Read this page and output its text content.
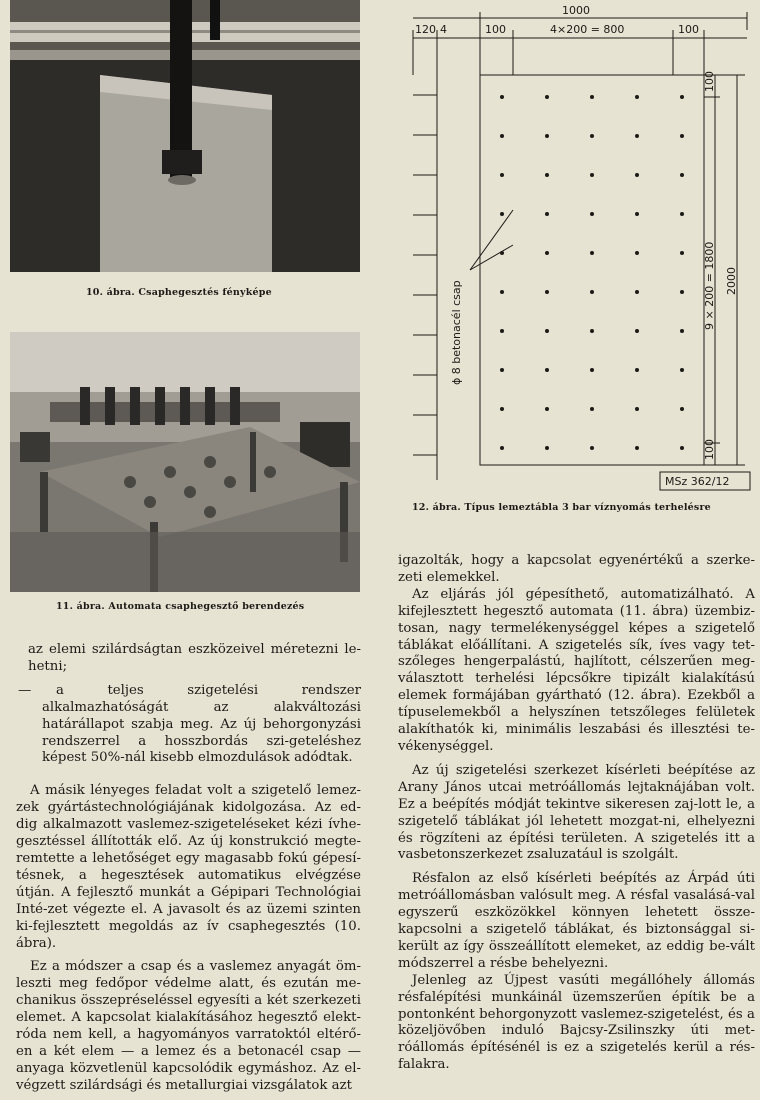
10. ábra. Csaphegesztés fényképe
11. ábra. Automata csaphegesztő berendezés
1000
120 4	100	4×200 = 800	100
100
9 × 200 = 1800 2000
100
ϕ 8 betonacél csap
MSz 362/12
12. ábra. Típus lemeztábla 3 bar víznyomás terhelésre

az elemi szilárdságtan eszközeivel méretezni le-hetni;

— a teljes szigetelési rendszer alkalmazhatóságát az alakváltozási határállapot szabja meg. Az új behorgonyzási rendszerrel a hosszbordás szi-geteléshez képest 50%-nál kisebb elmozdulások adódtak.

A másik lényeges feladat volt a szigetelő lemez-zek gyártástechnológiájának kidolgozása. Az ed-dig alkalmazott vaslemez-szigeteléseket kézi ívhe-gesztéssel állították elő. Az új konstrukció megte-remtette a lehetőséget egy magasabb fokú gépesí-tésnek, a hegesztések automatikus elvégzése útján. A fejlesztő munkát a Gépipari Technológiai Inté-zet végezte el. A javasolt és az üzemi szinten ki-fejlesztett megoldás az ív csaphegesztés (10. ábra).

Ez a módszer a csap és a vaslemez anyagát öm-leszti meg fedőpor védelme alatt, és ezután me-chanikus összepréseléssel egyesíti a két szerkezeti elemet. A kapcsolat kialakításához hegesztő elekt-róda nem kell, a hagyományos varratoktól eltérő-en a két elem — a lemez és a betonacél csap — anyaga közvetlenül kapcsolódik egymáshoz. Az el-végzett szilárdsági és metallurgiai vizsgálatok azt

igazolták, hogy a kapcsolat egyenértékű a szerke-zeti elemekkel.

Az eljárás jól gépesíthető, automatizálható. A kifejlesztett hegesztő automata (11. ábra) üzembiz-tosan, nagy termelékenységgel képes a szigetelő táblákat előállítani. A szigetelés sík, íves vagy tet-szőleges hengerpalástú, hajlított, célszerűen meg-választott terhelési lépcsőkre tipizált kialakítású elemek formájában gyártható (12. ábra). Ezekből a típuselemekből a helyszínen tetszőleges felületek alakíthatók ki, minimális leszabási és illesztési te-vékenységgel.

Az új szigetelési szerkezet kísérleti beépítése az Arany János utcai metróállomás lejtaknájában volt. Ez a beépítés módját tekintve sikeresen zaj-lott le, a szigetelő táblákat jól lehetett mozgat-ni, elhelyezni és rögzíteni az építési területen. A szigetelés itt a vasbetonszerkezet zsaluzatául is szolgált.

Résfalon az első kísérleti beépítés az Árpád úti metróállomásban valósult meg. A résfal vasalásá-val egyszerű eszközökkel könnyen lehetett össze-kapcsolni a szigetelő táblákat, és biztonsággal si-került az így összeállított elemeket, az eddig be-vált módszerrel a résbe behelyezni.

Jelenleg az Újpest vasúti megállóhely állomás résfalépítési munkáinál üzemszerűen építik be a pontonként behorgonyzott vaslemez-szigetelést, és a közeljövőben induló Bajcsy-Zsilinszky úti met-róállomás építésénél is ez a szigetelés kerül a rés-falakra.
